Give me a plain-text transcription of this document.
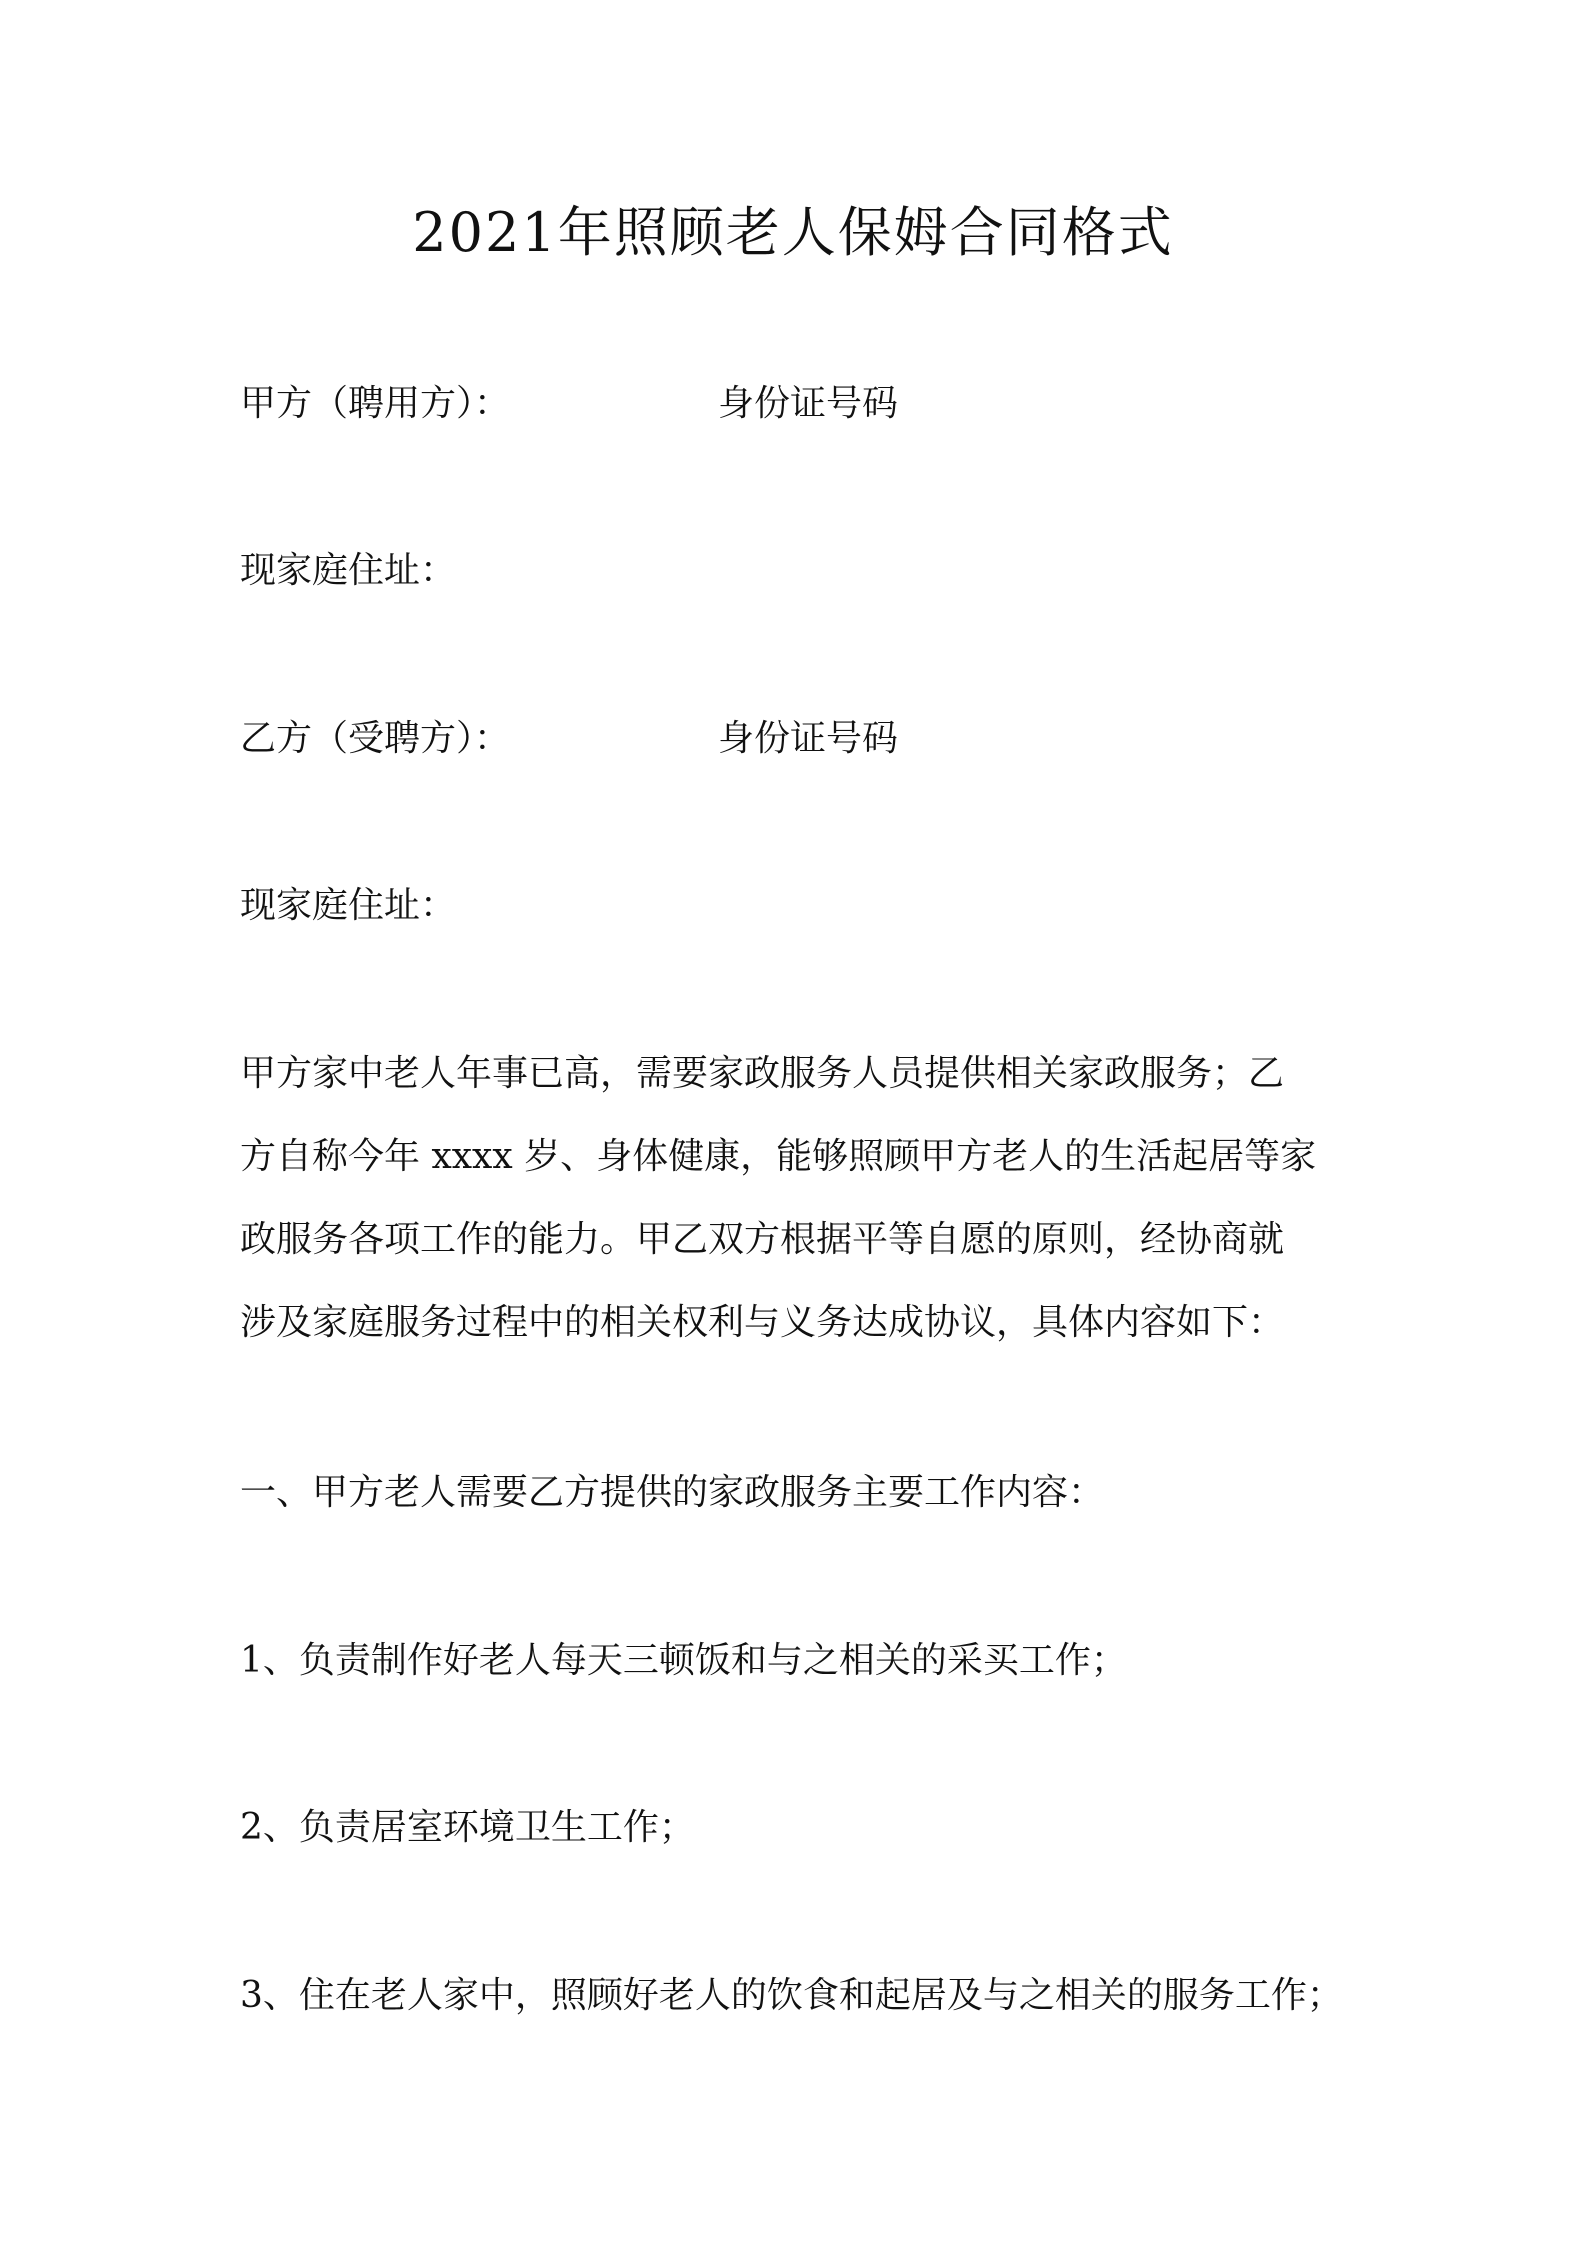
2021年照顾老人保姆合同格式
甲方（聘用方）：	身份证号码
现家庭住址：
乙方（受聘方）：	身份证号码
现家庭住址：

甲方家中老人年事已高，需要家政服务人员提供相关家政服务；乙
方自称今年 xxxx 岁、身体健康，能够照顾甲方老人的生活起居等家
政服务各项工作的能力。甲乙双方根据平等自愿的原则，经协商就
涉及家庭服务过程中的相关权利与义务达成协议，具体内容如下：

一、甲方老人需要乙方提供的家政服务主要工作内容：
1、负责制作好老人每天三顿饭和与之相关的采买工作；
2、负责居室环境卫生工作；
3、住在老人家中，照顾好老人的饮食和起居及与之相关的服务工作；
